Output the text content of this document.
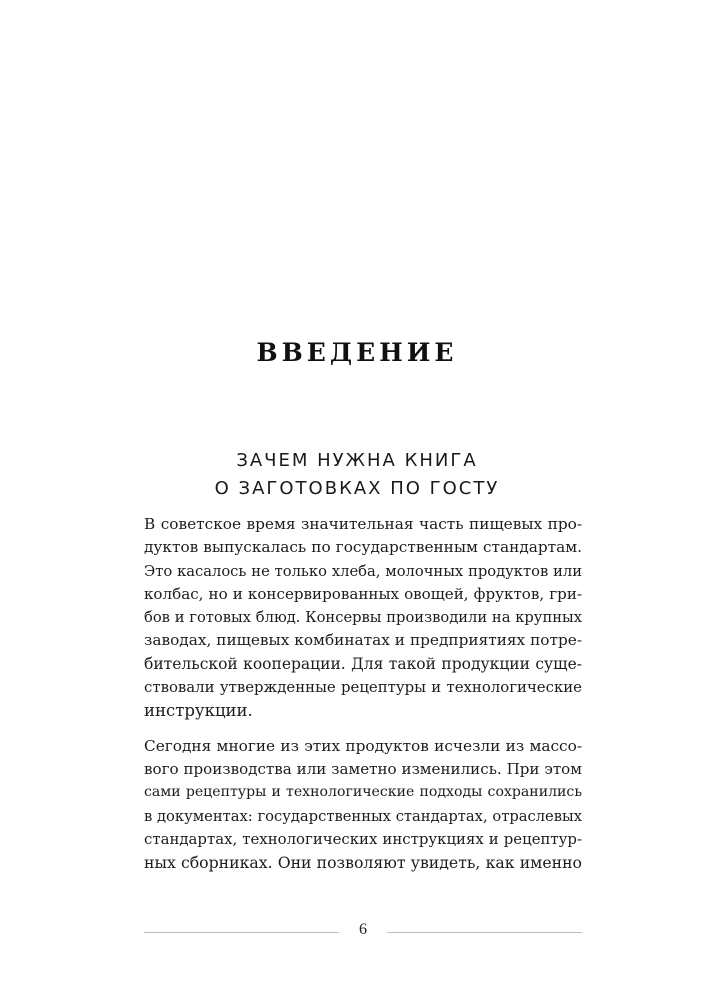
ВВЕДЕНИЕ
ЗАЧЕМ НУЖНА КНИГА
О ЗАГОТОВКАХ ПО ГОСТУ

В советское время значительная часть пищевых про-
дуктов выпускалась по государственным стандартам.
Это касалось не только хлеба, молочных продуктов или
колбас, но и консервированных овощей, фруктов, гри-
бов и готовых блюд. Консервы производили на крупных
заводах, пищевых комбинатах и предприятиях потре-
бительской кооперации. Для такой продукции суще-
ствовали утвержденные рецептуры и технологические
инструкции.

Сегодня многие из этих продуктов исчезли из массо-
вого производства или заметно изменились. При этом
сами рецептуры и технологические подходы сохранились
в документах: государственных стандартах, отраслевых
стандартах, технологических инструкциях и рецептур-
ных сборниках. Они позволяют увидеть, как именно

6
